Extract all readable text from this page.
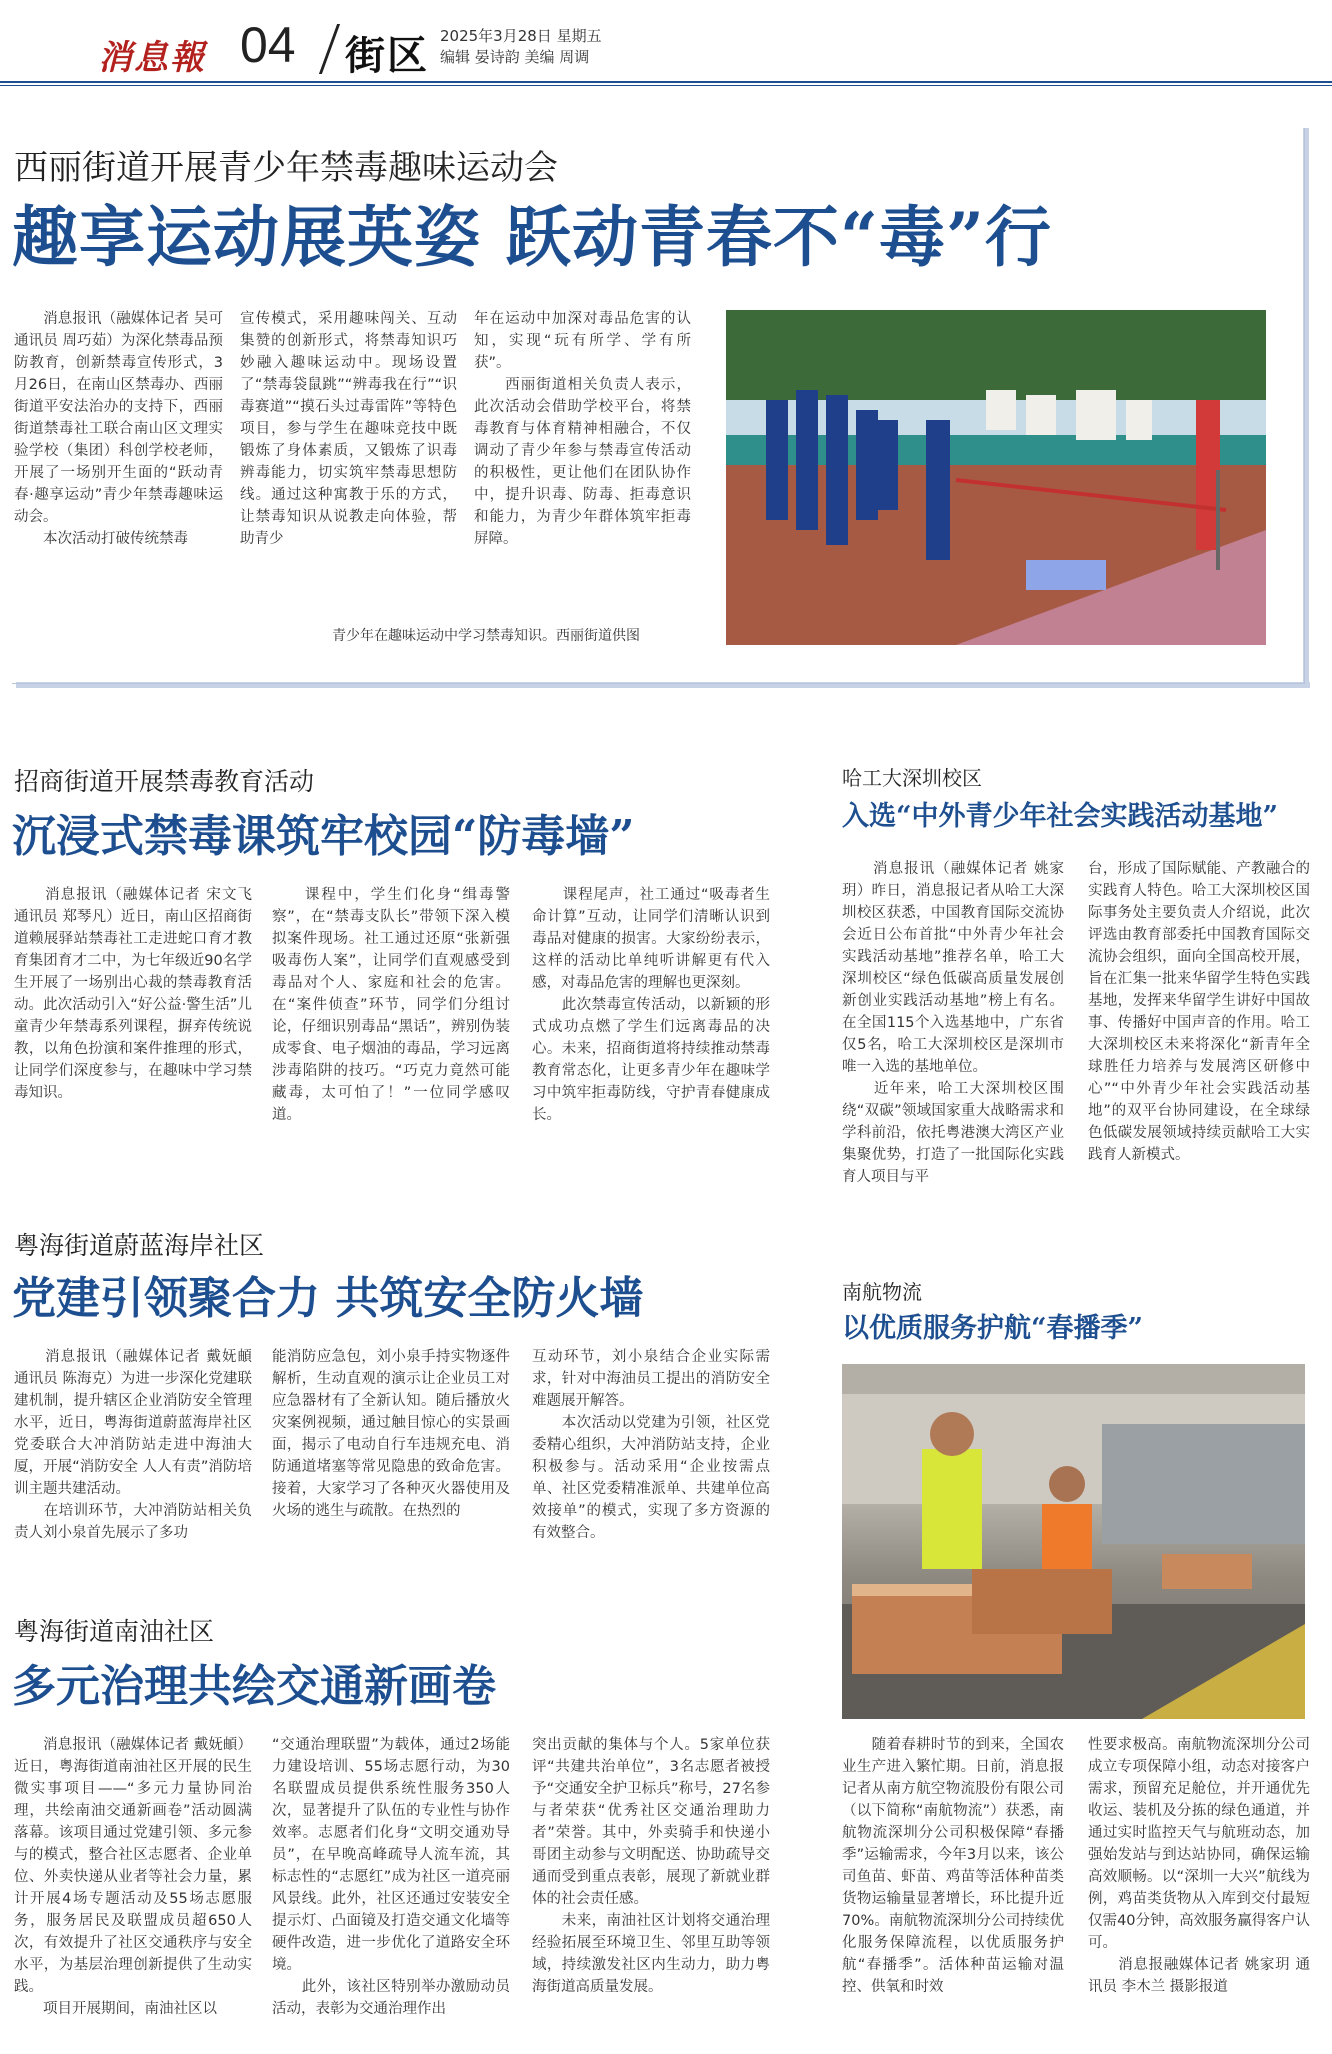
消息報 04 街区 2025年3月28日 星期五
编辑 晏诗韵 美编 周调
西丽街道开展青少年禁毒趣味运动会
趣享运动展英姿 跃动青春不“毒”行
　　消息报讯（融媒体记者 吴可 通讯员 周巧茹）为深化禁毒品预防教育，创新禁毒宣传形式，3月26日，在南山区禁毒办、西丽街道平安法治办的支持下，西丽街道禁毒社工联合南山区文理实验学校（集团）科创学校老师，开展了一场别开生面的“跃动青春·趣享运动”青少年禁毒趣味运动会。
　　本次活动打破传统禁毒
宣传模式，采用趣味闯关、互动集赞的创新形式，将禁毒知识巧妙融入趣味运动中。现场设置了“禁毒袋鼠跳”“辨毒我在行”“识毒赛道”“摸石头过毒雷阵”等特色项目，参与学生在趣味竞技中既锻炼了身体素质，又锻炼了识毒辨毒能力，切实筑牢禁毒思想防线。通过这种寓教于乐的方式，让禁毒知识从说教走向体验，帮助青少
年在运动中加深对毒品危害的认知，实现“玩有所学、学有所获”。
　　西丽街道相关负责人表示，此次活动会借助学校平台，将禁毒教育与体育精神相融合，不仅调动了青少年参与禁毒宣传活动的积极性，更让他们在团队协作中，提升识毒、防毒、拒毒意识和能力，为青少年群体筑牢拒毒屏障。
青少年在趣味运动中学习禁毒知识。西丽街道供图
招商街道开展禁毒教育活动
沉浸式禁毒课筑牢校园“防毒墙”
　　消息报讯（融媒体记者 宋文飞 通讯员 郑琴凡）近日，南山区招商街道赖展驿站禁毒社工走进蛇口育才教育集团育才二中，为七年级近90名学生开展了一场别出心裁的禁毒教育活动。此次活动引入“好公益·警生活”儿童青少年禁毒系列课程，摒弃传统说教，以角色扮演和案件推理的形式，让同学们深度参与，在趣味中学习禁毒知识。
　　课程中，学生们化身“缉毒警察”，在“禁毒支队长”带领下深入模拟案件现场。社工通过还原“张新强吸毒伤人案”，让同学们直观感受到毒品对个人、家庭和社会的危害。在“案件侦查”环节，同学们分组讨论，仔细识别毒品“黑话”，辨别伪装成零食、电子烟油的毒品，学习远离涉毒陷阱的技巧。“巧克力竟然可能藏毒，太可怕了！”一位同学感叹道。
　　课程尾声，社工通过“吸毒者生命计算”互动，让同学们清晰认识到毒品对健康的损害。大家纷纷表示，这样的活动比单纯听讲解更有代入感，对毒品危害的理解也更深刻。
　　此次禁毒宣传活动，以新颖的形式成功点燃了学生们远离毒品的决心。未来，招商街道将持续推动禁毒教育常态化，让更多青少年在趣味学习中筑牢拒毒防线，守护青春健康成长。
哈工大深圳校区
入选“中外青少年社会实践活动基地”
　　消息报讯（融媒体记者 姚家玥）昨日，消息报记者从哈工大深圳校区获悉，中国教育国际交流协会近日公布首批“中外青少年社会实践活动基地”推荐名单，哈工大深圳校区“绿色低碳高质量发展创新创业实践活动基地”榜上有名。在全国115个入选基地中，广东省仅5名，哈工大深圳校区是深圳市唯一入选的基地单位。
　　近年来，哈工大深圳校区围绕“双碳”领域国家重大战略需求和学科前沿，依托粤港澳大湾区产业集聚优势，打造了一批国际化实践育人项目与平
台，形成了国际赋能、产教融合的实践育人特色。哈工大深圳校区国际事务处主要负责人介绍说，此次评选由教育部委托中国教育国际交流协会组织，面向全国高校开展，旨在汇集一批来华留学生特色实践基地，发挥来华留学生讲好中国故事、传播好中国声音的作用。哈工大深圳校区未来将深化“新青年全球胜任力培养与发展湾区研修中心”“中外青少年社会实践活动基地”的双平台协同建设，在全球绿色低碳发展领域持续贡献哈工大实践育人新模式。
粤海街道蔚蓝海岸社区
党建引领聚合力 共筑安全防火墙
　　消息报讯（融媒体记者 戴妩頔 通讯员 陈海克）为进一步深化党建联建机制，提升辖区企业消防安全管理水平，近日，粤海街道蔚蓝海岸社区党委联合大冲消防站走进中海油大厦，开展“消防安全 人人有责”消防培训主题共建活动。
　　在培训环节，大冲消防站相关负责人刘小泉首先展示了多功
能消防应急包，刘小泉手持实物逐件解析，生动直观的演示让企业员工对应急器材有了全新认知。随后播放火灾案例视频，通过触目惊心的实景画面，揭示了电动自行车违规充电、消防通道堵塞等常见隐患的致命危害。接着，大家学习了各种灭火器使用及火场的逃生与疏散。在热烈的
互动环节，刘小泉结合企业实际需求，针对中海油员工提出的消防安全难题展开解答。
　　本次活动以党建为引领，社区党委精心组织，大冲消防站支持，企业积极参与。活动采用“企业按需点单、社区党委精准派单、共建单位高效接单”的模式，实现了多方资源的有效整合。
南航物流
以优质服务护航“春播季”
　　随着春耕时节的到来，全国农业生产进入繁忙期。日前，消息报记者从南方航空物流股份有限公司（以下简称“南航物流”）获悉，南航物流深圳分公司积极保障“春播季”运输需求，今年3月以来，该公司鱼苗、虾苗、鸡苗等活体种苗类货物运输量显著增长，环比提升近70%。南航物流深圳分公司持续优化服务保障流程，以优质服务护航“春播季”。活体种苗运输对温控、供氧和时效
性要求极高。南航物流深圳分公司成立专项保障小组，动态对接客户需求，预留充足舱位，并开通优先收运、装机及分拣的绿色通道，并通过实时监控天气与航班动态，加强始发站与到达站协同，确保运输高效顺畅。以“深圳一大兴”航线为例，鸡苗类货物从入库到交付最短仅需40分钟，高效服务赢得客户认可。
　　消息报融媒体记者 姚家玥 通讯员 李木兰 摄影报道
粤海街道南油社区
多元治理共绘交通新画卷
　　消息报讯（融媒体记者 戴妩頔）近日，粤海街道南油社区开展的民生微实事项目——“多元力量协同治理，共绘南油交通新画卷”活动圆满落幕。该项目通过党建引领、多元参与的模式，整合社区志愿者、企业单位、外卖快递从业者等社会力量，累计开展4场专题活动及55场志愿服务，服务居民及联盟成员超650人次，有效提升了社区交通秩序与安全水平，为基层治理创新提供了生动实践。
　　项目开展期间，南油社区以
“交通治理联盟”为载体，通过2场能力建设培训、55场志愿行动，为30名联盟成员提供系统性服务350人次，显著提升了队伍的专业性与协作效率。志愿者们化身“文明交通劝导员”，在早晚高峰疏导人流车流，其标志性的“志愿红”成为社区一道亮丽风景线。此外，社区还通过安装安全提示灯、凸面镜及打造交通文化墙等硬件改造，进一步优化了道路安全环境。
　　此外，该社区特别举办激励动员活动，表彰为交通治理作出
突出贡献的集体与个人。5家单位获评“共建共治单位”，3名志愿者被授予“交通安全护卫标兵”称号，27名参与者荣获“优秀社区交通治理助力者”荣誉。其中，外卖骑手和快递小哥团主动参与文明配送、协助疏导交通而受到重点表彰，展现了新就业群体的社会责任感。
　　未来，南油社区计划将交通治理经验拓展至环境卫生、邻里互助等领域，持续激发社区内生动力，助力粤海街道高质量发展。
